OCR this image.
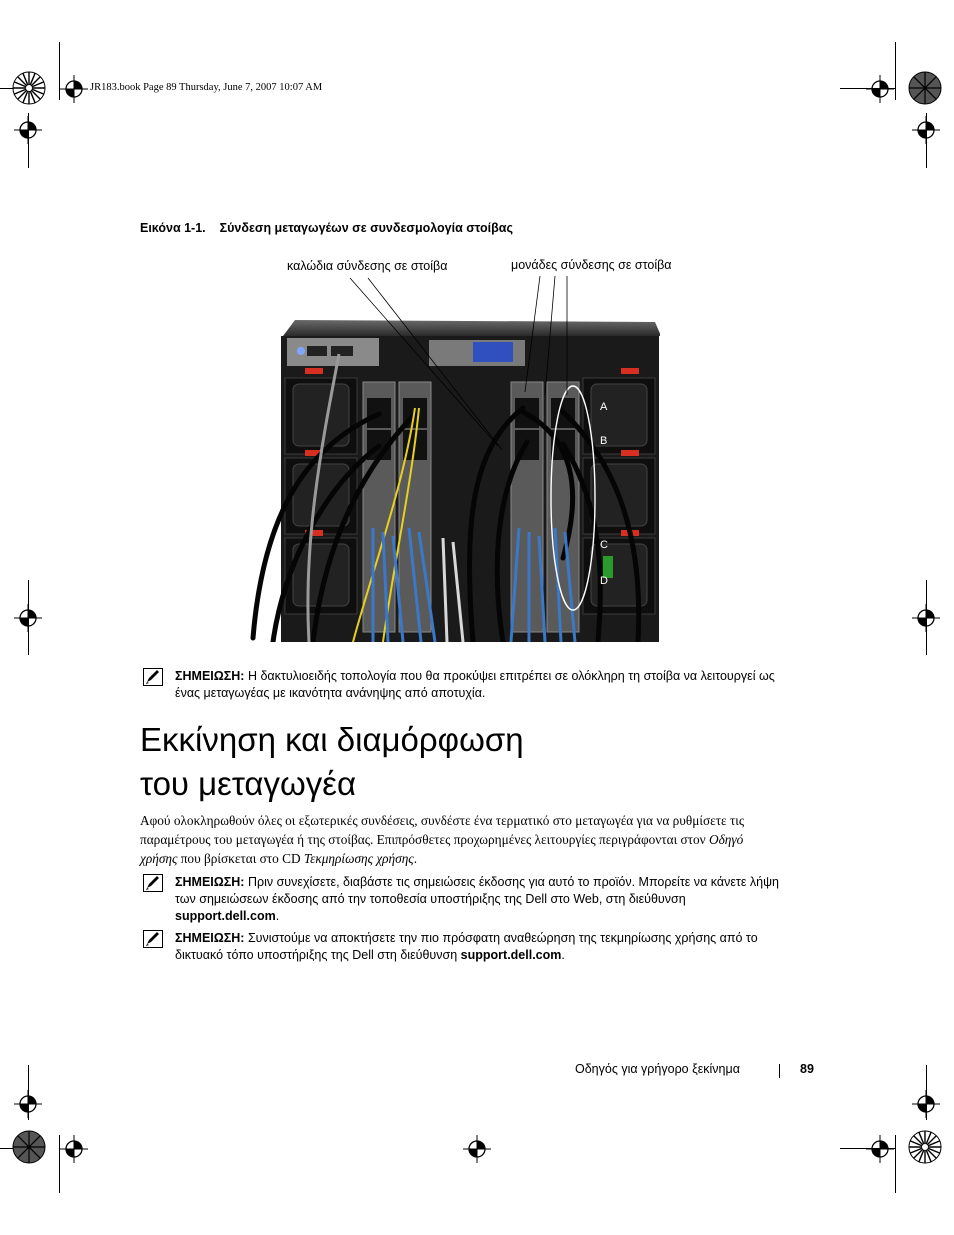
JR183.book Page 89 Thursday, June 7, 2007 10:07 AM
Εικόνα 1-1. Σύνδεση μεταγωγέων σε συνδεσμολογία στοίβας
καλώδια σύνδεσης σε στοίβα	μονάδες σύνδεσης σε στοίβα
A
B
C
D
ΣΗΜΕΙΩΣΗ: Η δακτυλιοειδής τοπολογία που θα προκύψει επιτρέπει σε ολόκληρη τη στοίβα να λειτουργεί ως ένας μεταγωγέας με ικανότητα ανάνηψης από αποτυχία.
Εκκίνηση και διαμόρφωση
του μεταγωγέα

Αφού ολοκληρωθούν όλες οι εξωτερικές συνδέσεις, συνδέστε ένα τερματικό στο μεταγωγέα για να ρυθμίσετε τις παραμέτρους του μεταγωγέα ή της στοίβας. Επιπρόσθετες προχωρημένες λειτουργίες περιγράφονται στον Οδηγό χρήσης που βρίσκεται στο CD Τεκμηρίωσης χρήσης.

ΣΗΜΕΙΩΣΗ: Πριν συνεχίσετε, διαβάστε τις σημειώσεις έκδοσης για αυτό το προϊόν. Μπορείτε να κάνετε λήψη των σημειώσεων έκδοσης από την τοποθεσία υποστήριξης της Dell στο Web, στη διεύθυνση support.dell.com.
ΣΗΜΕΙΩΣΗ: Συνιστούμε να αποκτήσετε την πιο πρόσφατη αναθεώρηση της τεκμηρίωσης χρήσης από το δικτυακό τόπο υποστήριξης της Dell στη διεύθυνση support.dell.com.
Οδηγός για γρήγορο ξεκίνημα	89
